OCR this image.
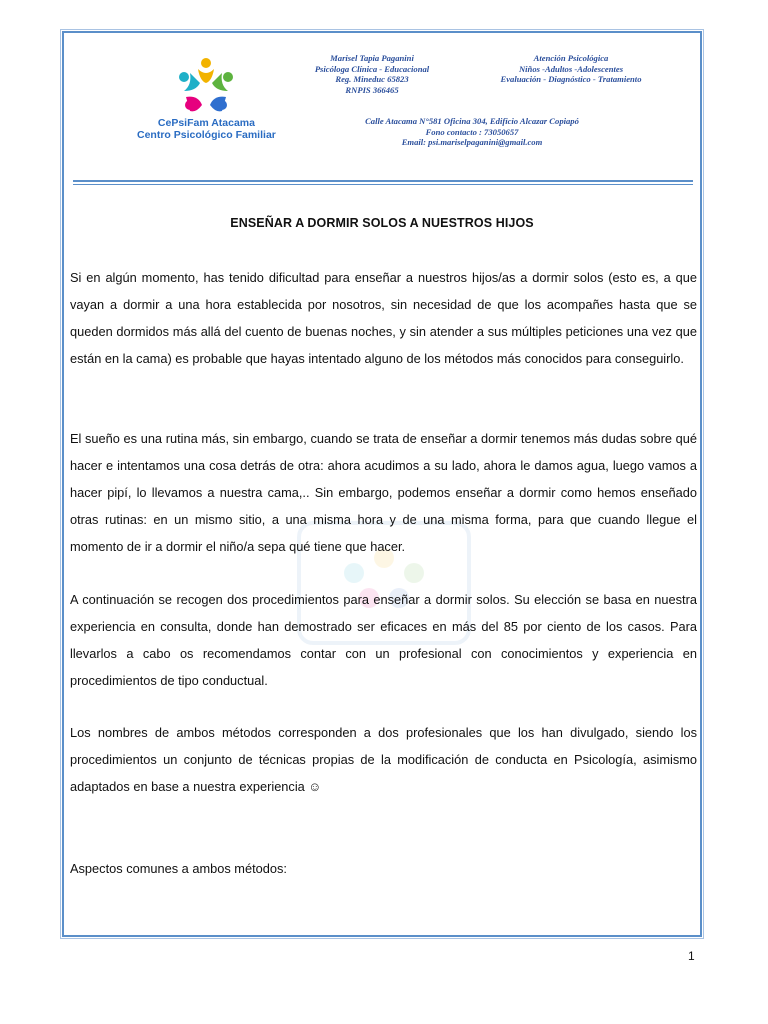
CePsiFam Atacama
Centro Psicológico Familiar
Marisel Tapia Paganini
Psicóloga Clínica - Educacional
Reg. Mineduc 65823
RNPIS 366465
Atención Psicológica
Niños -Adultos -Adolescentes
Evaluación - Diagnóstico - Tratamiento
Calle Atacama N°581 Oficina 304, Edificio Alcazar Copiapó
Fono contacto : 73050657
Email: psi.mariselpaganini@gmail.com
ENSEÑAR A DORMIR SOLOS A NUESTROS HIJOS

Si en algún momento, has tenido dificultad para enseñar a nuestros hijos/as a dormir solos (esto es, a que vayan a dormir a una hora establecida por nosotros, sin necesidad de que los acompañes hasta que se queden dormidos más allá del cuento de buenas noches, y sin atender a sus múltiples peticiones una vez que están en la cama) es probable que hayas intentado alguno de los métodos más conocidos para conseguirlo.

El sueño es una rutina más, sin embargo, cuando se trata de enseñar a dormir tenemos más dudas sobre qué hacer e intentamos una cosa detrás de otra: ahora acudimos a su lado, ahora le damos agua, luego vamos a hacer pipí, lo llevamos a nuestra cama,.. Sin embargo, podemos enseñar a dormir como hemos enseñado otras rutinas: en un mismo sitio, a una misma hora y de una misma forma, para que cuando llegue el momento de ir a dormir el niño/a sepa qué tiene que hacer.

A continuación se recogen dos procedimientos para enseñar a dormir solos. Su elección se basa en nuestra experiencia en consulta, donde han demostrado ser eficaces en más del 85 por ciento de los casos. Para llevarlos a cabo os recomendamos contar con un profesional con conocimientos y experiencia en procedimientos de tipo conductual.

Los nombres de ambos métodos corresponden a dos profesionales que los han divulgado, siendo los procedimientos un conjunto de técnicas propias de la modificación de conducta en Psicología, asimismo adaptados en base a nuestra experiencia ☺

Aspectos comunes a ambos métodos:

1
